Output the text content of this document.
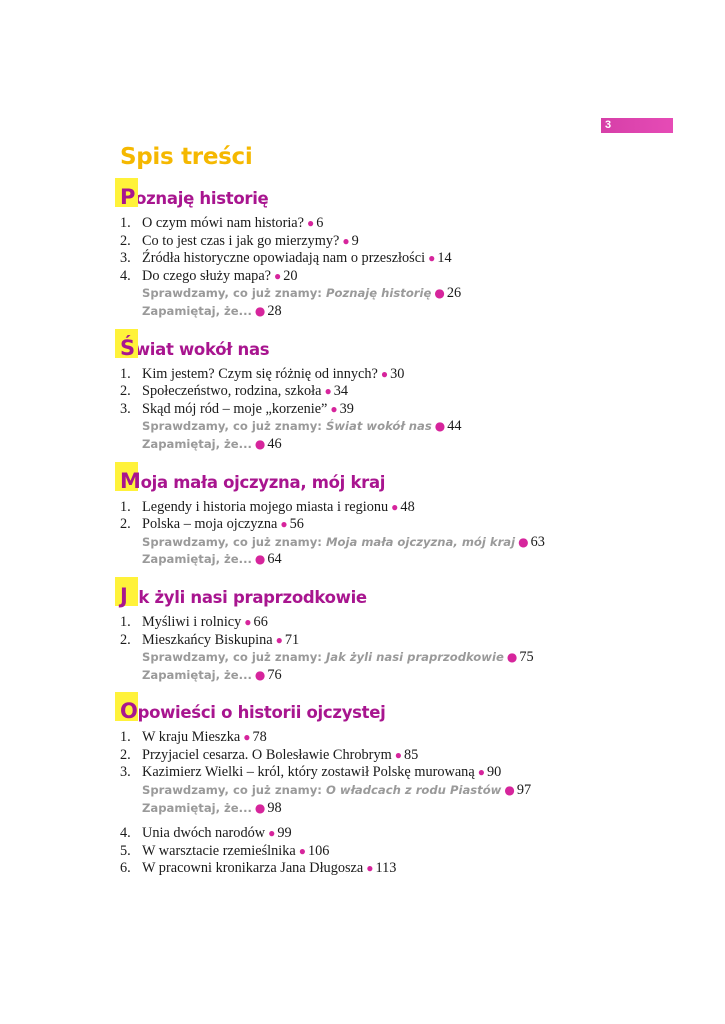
3
Spis treści
Poznaję historię
1. O czym mówi nam historia? ● 6
2. Co to jest czas i jak go mierzymy? ● 9
3. Źródła historyczne opowiadają nam o przeszłości ● 14
4. Do czego służy mapa? ● 20
Sprawdzamy, co już znamy: Poznaję historię ● 26
Zapamiętaj, że... ● 28
Świat wokół nas
1. Kim jestem? Czym się różnię od innych? ● 30
2. Społeczeństwo, rodzina, szkoła ● 34
3. Skąd mój ród – moje „korzenie” ● 39
Sprawdzamy, co już znamy: Świat wokół nas ● 44
Zapamiętaj, że... ● 46
Moja mała ojczyzna, mój kraj
1. Legendy i historia mojego miasta i regionu ● 48
2. Polska – moja ojczyzna ● 56
Sprawdzamy, co już znamy: Moja mała ojczyzna, mój kraj ● 63
Zapamiętaj, że... ● 64
Jak żyli nasi praprzodkowie
1. Myśliwi i rolnicy ● 66
2. Mieszkańcy Biskupina ● 71
Sprawdzamy, co już znamy: Jak żyli nasi praprzodkowie ● 75
Zapamiętaj, że... ● 76
Opowieści o historii ojczystej
1. W kraju Mieszka ● 78
2. Przyjaciel cesarza. O Bolesławie Chrobrym ● 85
3. Kazimierz Wielki – król, który zostawił Polskę murowaną ● 90
Sprawdzamy, co już znamy: O władcach z rodu Piastów ● 97
Zapamiętaj, że... ● 98
4. Unia dwóch narodów ● 99
5. W warsztacie rzemieślnika ● 106
6. W pracowni kronikarza Jana Długosza ● 113
